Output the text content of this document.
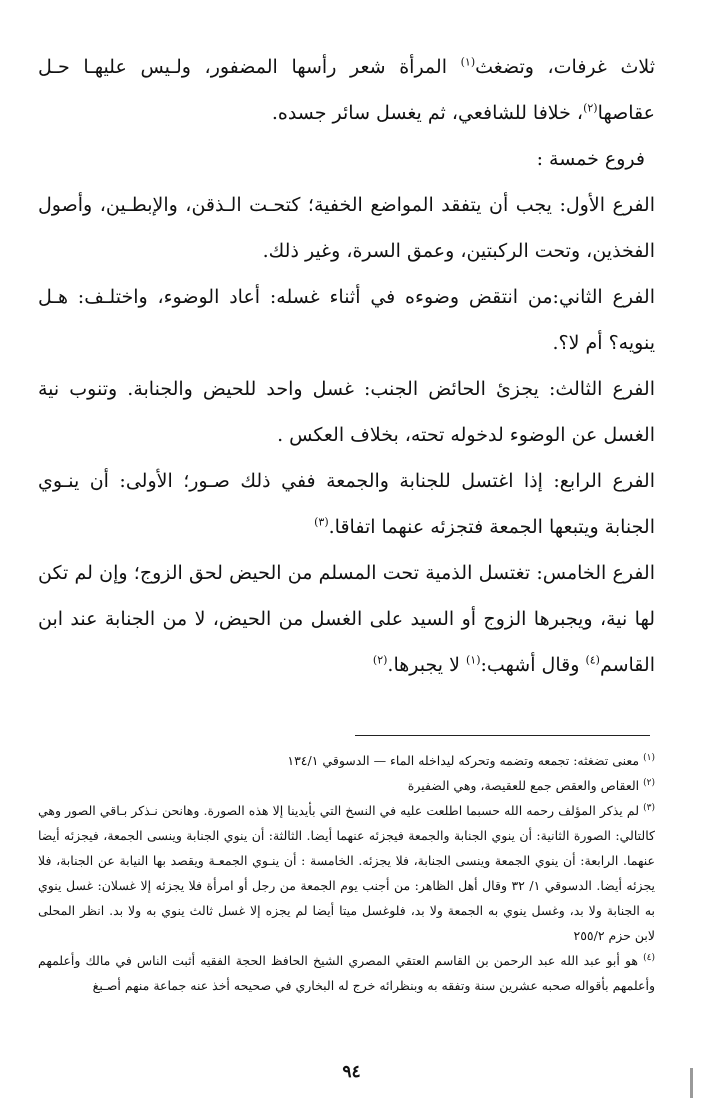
ثلاث غرفات، وتضغث$^{(١)}$ المرأة شعر رأسها المضفور، ولـيس عليهـا حـل عقاصها$^{(٢)}$، خلافا للشافعي، ثم يغسل سائر جسده.

فروع خمسة :

الفرع الأول: يجب أن يتفقد المواضع الخفية؛ كتحـت الـذقن، والإبطـين، وأصول الفخذين، وتحت الركبتين، وعمق السرة، وغير ذلك.

الفرع الثاني:من انتقض وضوءه في أثناء غسله: أعاد الوضوء، واختلـف: هـل ينويه؟ أم لا؟.

الفرع الثالث: يجزئ الحائض الجنب: غسل واحد للحيض والجنابة. وتنوب نية الغسل عن الوضوء لدخوله تحته، بخلاف العكس .

الفرع الرابع: إذا اغتسل للجنابة والجمعة ففي ذلك صـور؛ الأولى: أن ينـوي الجنابة ويتبعها الجمعة فتجزئه عنهما اتفاقا.$^{(٣)}$

الفرع الخامس: تغتسل الذمية تحت المسلم من الحيض لحق الزوج؛ وإن لم تكن لها نية، ويجبرها الزوج أو السيد على الغسل من الحيض، لا من الجنابة عند ابن القاسم$^{(٤)}$ وقال أشهب:$^{(١)}$ لا يجبرها.$^{(٢)}$

$^{(١)}$ معنى تضغثه: تجمعه وتضمه وتحركه ليداخله الماء — الدسوقي ١٣٤/١

$^{(٢)}$ العقاص والعقص جمع للعقيصة، وهي الضفيرة

$^{(٣)}$ لم يذكر المؤلف رحمه الله حسبما اطلعت عليه في النسخ التي بأيدينا إلا هذه الصورة. وهانحن نـذكر بـاقي الصور وهي كالتالي: الصورة الثانية: أن ينوي الجنابة والجمعة فيجزئه عنهما أيضا. الثالثة: أن ينوي الجنابة وينسى الجمعة، فيجزئه أيضا عنهما. الرابعة: أن ينوي الجمعة وينسى الجنابة، فلا يجزئه. الخامسة : أن ينـوي الجمعـة ويقصد بها النيابة عن الجنابة، فلا يجزئه أيضا. الدسوقي ١/ ٣٢ وقال أهل الظاهر: من أجنب يوم الجمعة من رجل أو امرأة فلا يجزئه إلا غسلان: غسل ينوي به الجنابة ولا بد، وغسل ينوي به الجمعة ولا بد، فلوغسل ميتا أيضا لم يجزه إلا غسل ثالث ينوي به ولا بد. انظر المحلى لابن حزم ٢٥٥/٢

$^{(٤)}$ هو أبو عبد الله عبد الرحمن بن القاسم العتقي المصري الشيخ الحافظ الحجة الفقيه أثبت الناس في مالك وأعلمهم وأعلمهم بأقواله صحبه عشرين سنة وتفقه به وبنظرائه خرج له البخاري في صحيحه أخذ عنه جماعة منهم أصـبغ

٩٤
